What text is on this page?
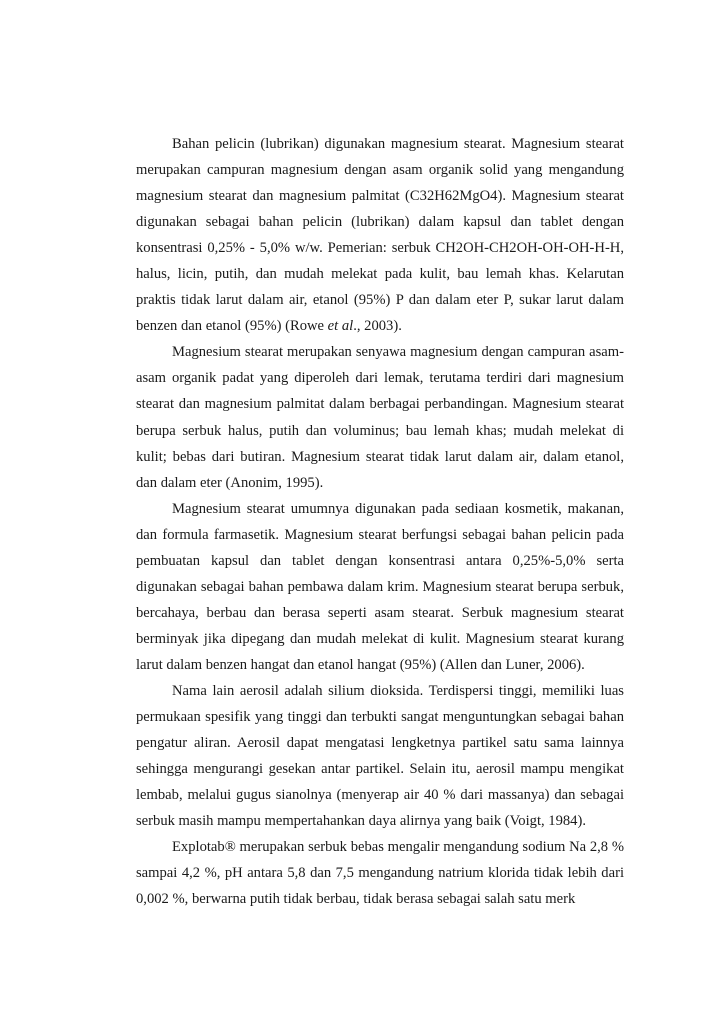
Bahan pelicin (lubrikan) digunakan magnesium stearat. Magnesium stearat merupakan campuran magnesium dengan asam organik solid yang mengandung magnesium stearat dan magnesium palmitat (C32H62MgO4). Magnesium stearat digunakan sebagai bahan pelicin (lubrikan) dalam kapsul dan tablet dengan konsentrasi 0,25% - 5,0% w/w. Pemerian: serbuk CH2OH-CH2OH-OH-OH-H-H, halus, licin, putih, dan mudah melekat pada kulit, bau lemah khas. Kelarutan praktis tidak larut dalam air, etanol (95%) P dan dalam eter P, sukar larut dalam benzen dan etanol (95%) (Rowe et al., 2003).

Magnesium stearat merupakan senyawa magnesium dengan campuran asam-asam organik padat yang diperoleh dari lemak, terutama terdiri dari magnesium stearat dan magnesium palmitat dalam berbagai perbandingan. Magnesium stearat berupa serbuk halus, putih dan voluminus; bau lemah khas; mudah melekat di kulit; bebas dari butiran. Magnesium stearat tidak larut dalam air, dalam etanol, dan dalam eter (Anonim, 1995).

Magnesium stearat umumnya digunakan pada sediaan kosmetik, makanan, dan formula farmasetik. Magnesium stearat berfungsi sebagai bahan pelicin pada pembuatan kapsul dan tablet dengan konsentrasi antara 0,25%-5,0% serta digunakan sebagai bahan pembawa dalam krim. Magnesium stearat berupa serbuk, bercahaya, berbau dan berasa seperti asam stearat. Serbuk magnesium stearat berminyak jika dipegang dan mudah melekat di kulit. Magnesium stearat kurang larut dalam benzen hangat dan etanol hangat (95%) (Allen dan Luner, 2006).

Nama lain aerosil adalah silium dioksida. Terdispersi tinggi, memiliki luas permukaan spesifik yang tinggi dan terbukti sangat menguntungkan sebagai bahan pengatur aliran. Aerosil dapat mengatasi lengketnya partikel satu sama lainnya sehingga mengurangi gesekan antar partikel. Selain itu, aerosil mampu mengikat lembab, melalui gugus sianolnya (menyerap air 40 % dari massanya) dan sebagai serbuk masih mampu mempertahankan daya alirnya yang baik (Voigt, 1984).

Explotab® merupakan serbuk bebas mengalir mengandung sodium Na 2,8 % sampai 4,2 %, pH antara 5,8 dan 7,5 mengandung natrium klorida tidak lebih dari 0,002 %, berwarna putih tidak berbau, tidak berasa sebagai salah satu merk
